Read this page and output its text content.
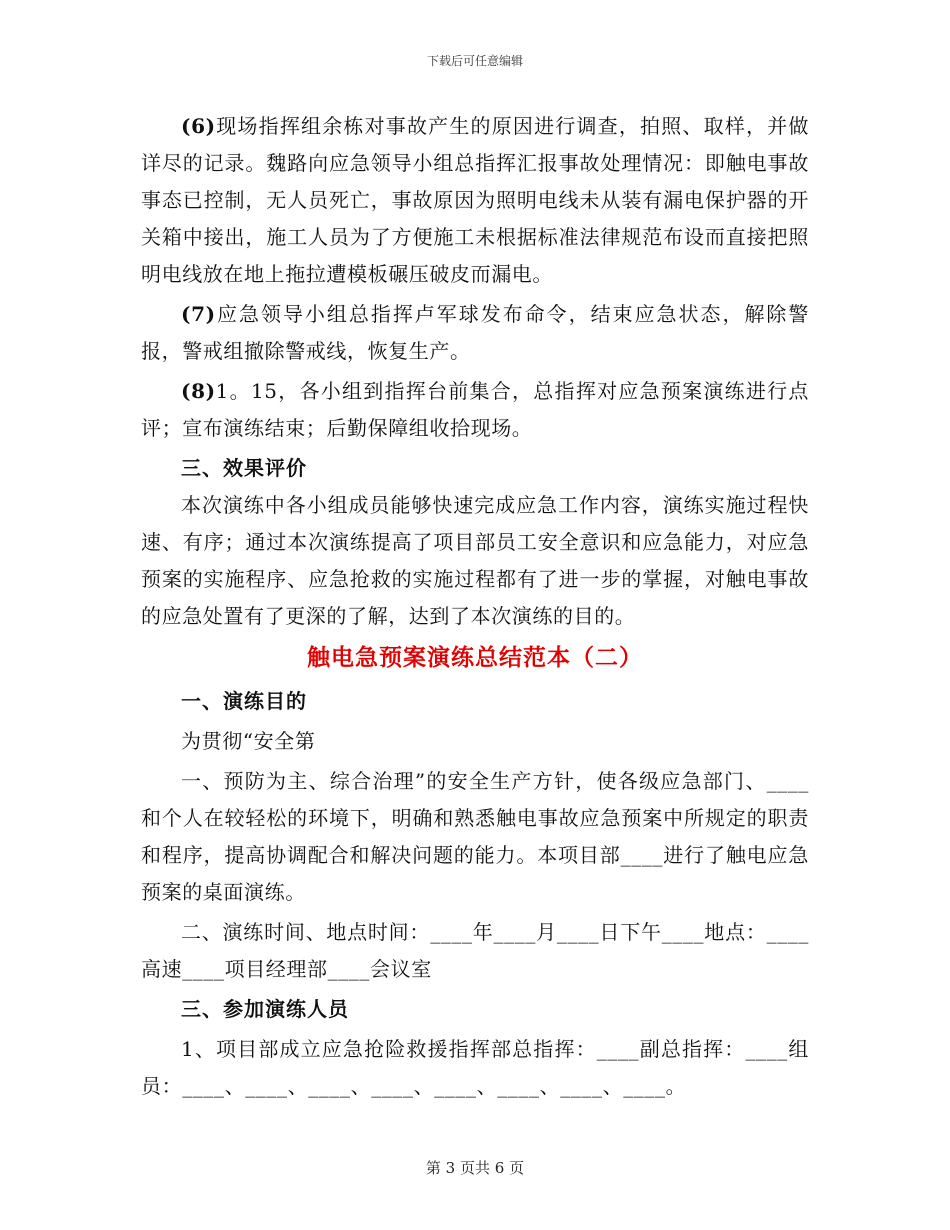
下载后可任意编辑

(6)现场指挥组余栋对事故产生的原因进行调查，拍照、取样，并做详尽的记录。魏路向应急领导小组总指挥汇报事故处理情况：即触电事故事态已控制，无人员死亡，事故原因为照明电线未从装有漏电保护器的开关箱中接出，施工人员为了方便施工未根据标准法律规范布设而直接把照明电线放在地上拖拉遭模板碾压破皮而漏电。

(7)应急领导小组总指挥卢军球发布命令，结束应急状态，解除警报，警戒组撤除警戒线，恢复生产。

(8)1。15，各小组到指挥台前集合，总指挥对应急预案演练进行点评；宣布演练结束；后勤保障组收拾现场。

三、效果评价

本次演练中各小组成员能够快速完成应急工作内容，演练实施过程快速、有序；通过本次演练提高了项目部员工安全意识和应急能力，对应急预案的实施程序、应急抢救的实施过程都有了进一步的掌握，对触电事故的应急处置有了更深的了解，达到了本次演练的目的。

触电急预案演练总结范本（二）
一、演练目的

为贯彻“安全第

一、预防为主、综合治理”的安全生产方针，使各级应急部门、____和个人在较轻松的环境下，明确和熟悉触电事故应急预案中所规定的职责和程序，提高协调配合和解决问题的能力。本项目部____进行了触电应急预案的桌面演练。

二、演练时间、地点时间：____年____月____日下午____地点：____高速____项目经理部____会议室

三、参加演练人员

1、项目部成立应急抢险救援指挥部总指挥：____副总指挥：____组员：____、____、____、____、____、____、____、____。

第 3 页共 6 页
